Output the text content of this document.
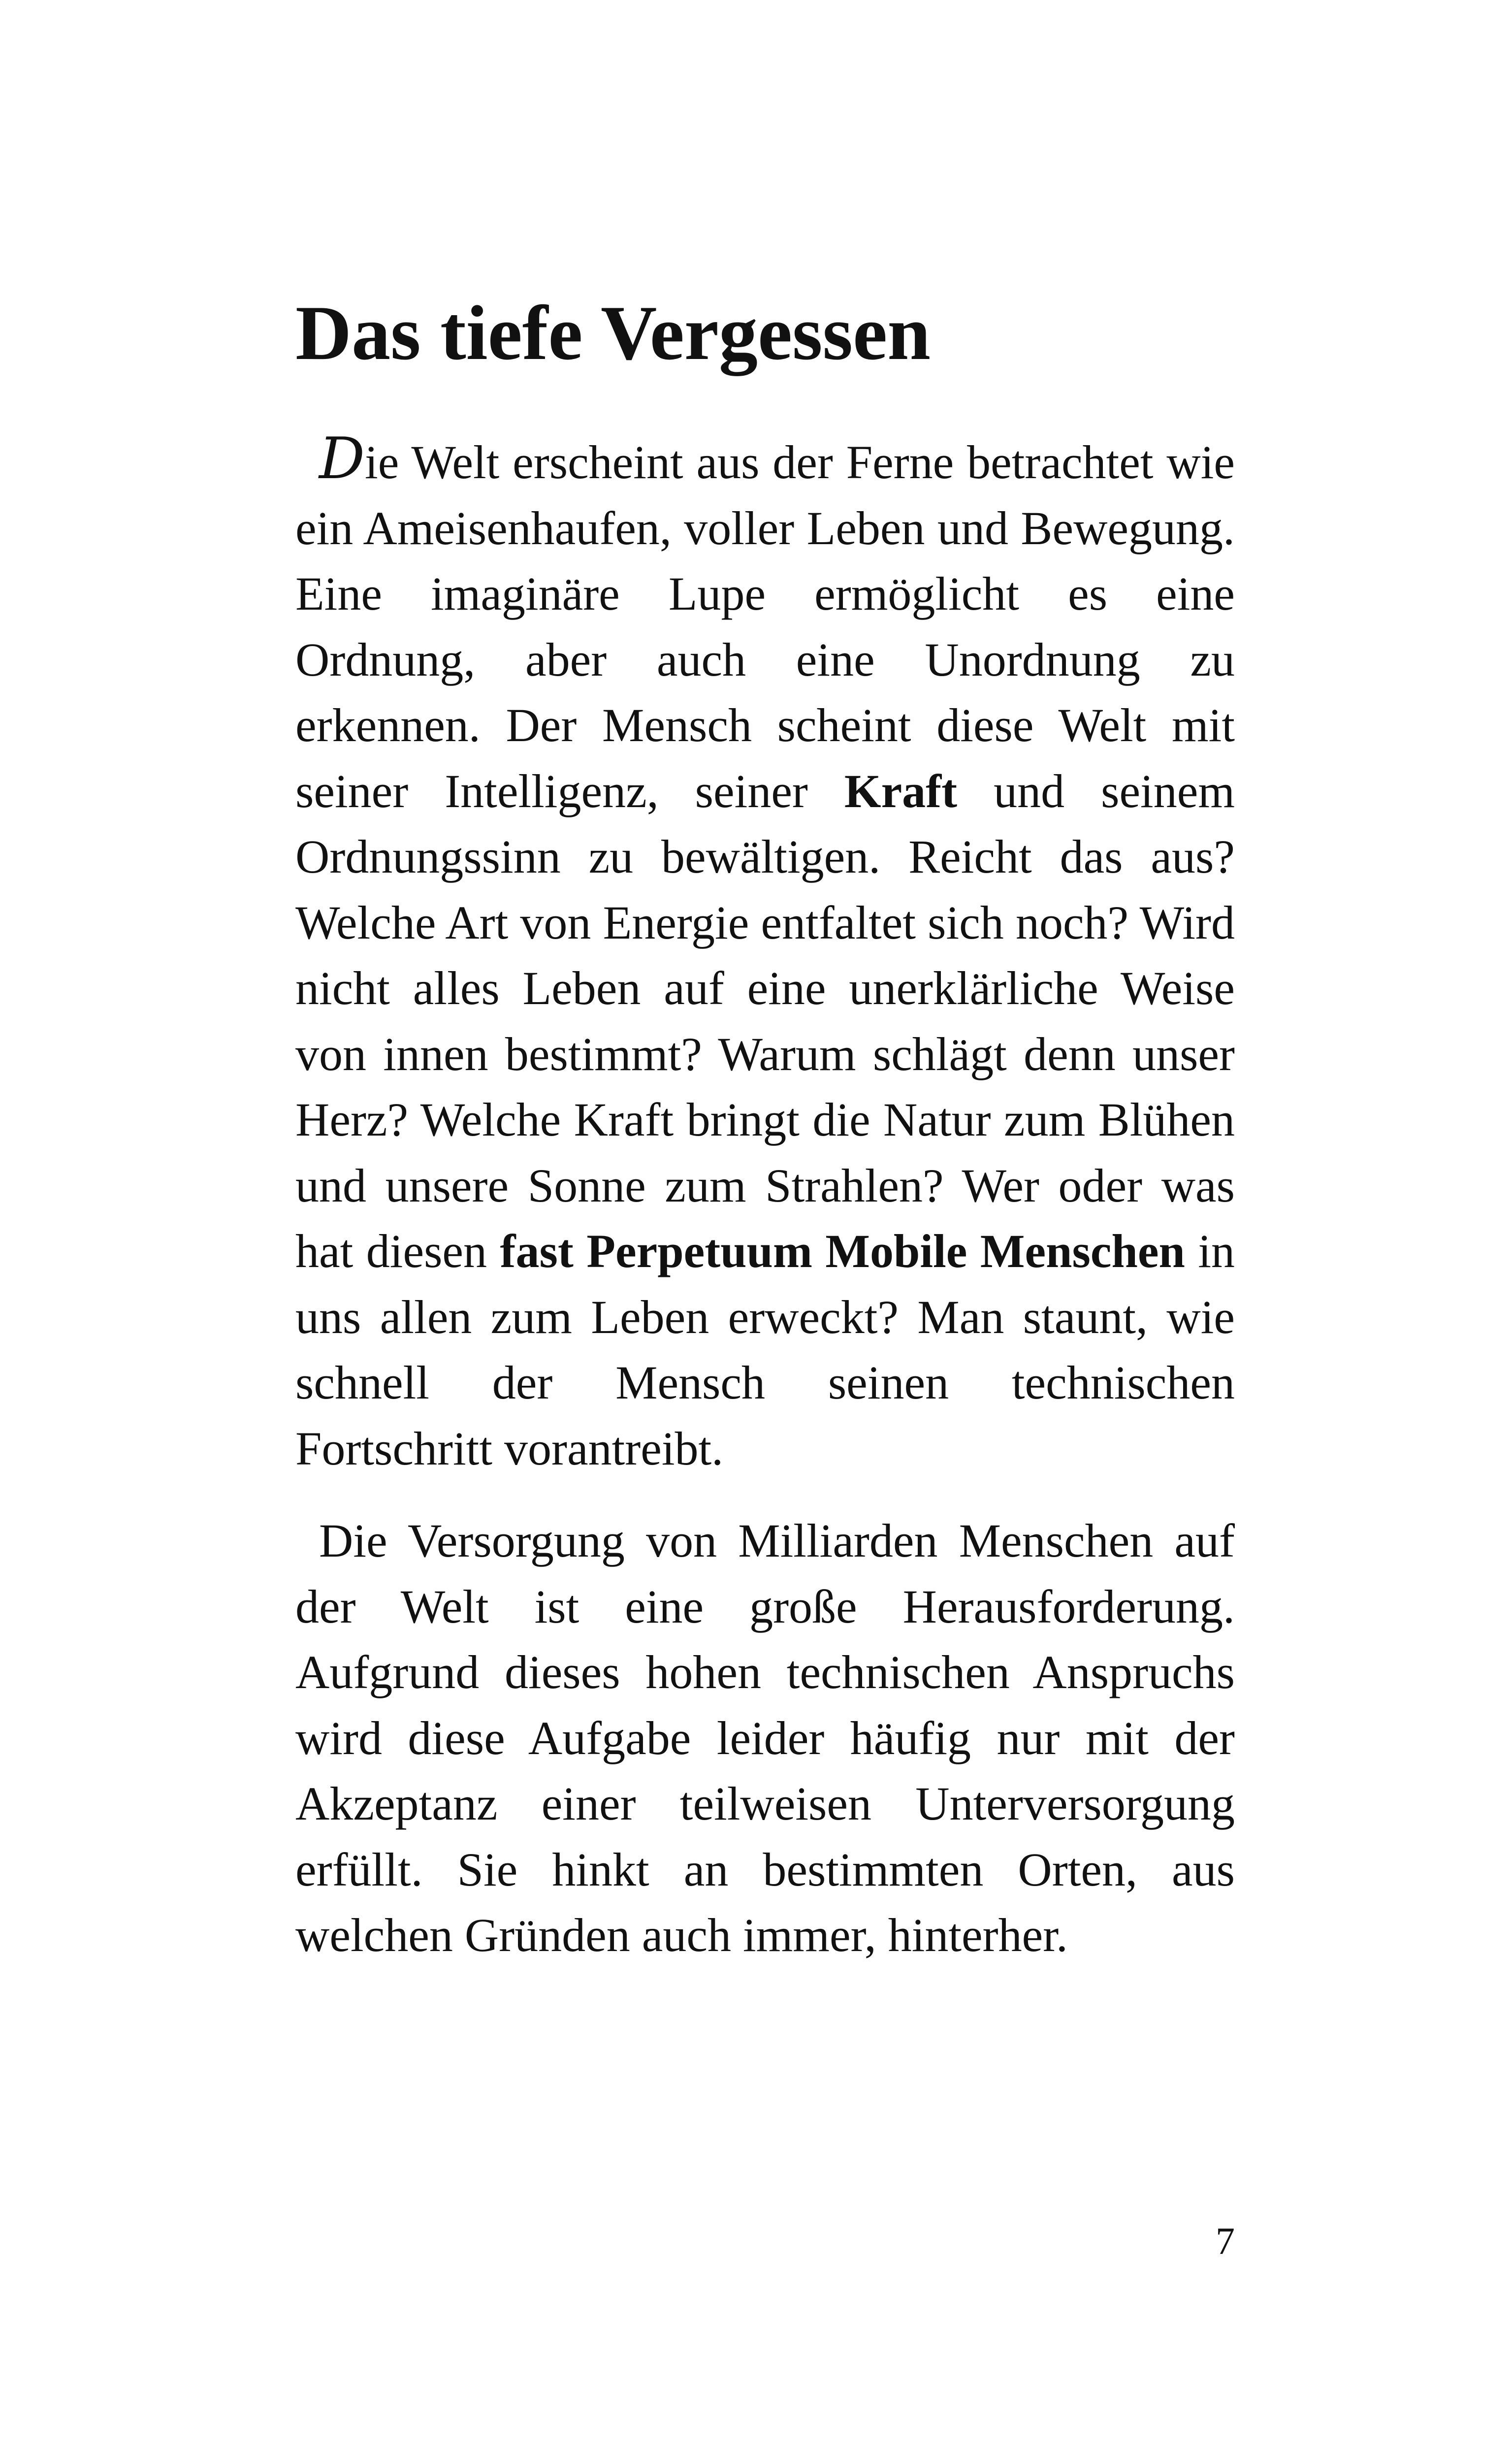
Das tiefe Vergessen

Die Welt erscheint aus der Ferne betrachtet wie ein Ameisenhaufen, voller Leben und Bewegung. Eine imaginäre Lupe ermöglicht es eine Ordnung, aber auch eine Unordnung zu erkennen. Der Mensch scheint diese Welt mit seiner Intelligenz, seiner Kraft und seinem Ordnungssinn zu bewältigen. Reicht das aus? Welche Art von Energie entfaltet sich noch? Wird nicht alles Leben auf eine unerklärliche Weise von innen bestimmt? Warum schlägt denn unser Herz? Welche Kraft bringt die Natur zum Blühen und unsere Sonne zum Strahlen? Wer oder was hat diesen fast Perpetuum Mobile Menschen in uns allen zum Leben erweckt? Man staunt, wie schnell der Mensch seinen technischen Fortschritt vorantreibt.

Die Versorgung von Milliarden Menschen auf der Welt ist eine große Herausforderung. Aufgrund dieses hohen technischen Anspruchs wird diese Aufgabe leider häufig nur mit der Akzeptanz einer teilweisen Unterversorgung erfüllt. Sie hinkt an bestimmten Orten, aus welchen Gründen auch immer, hinterher.

7
